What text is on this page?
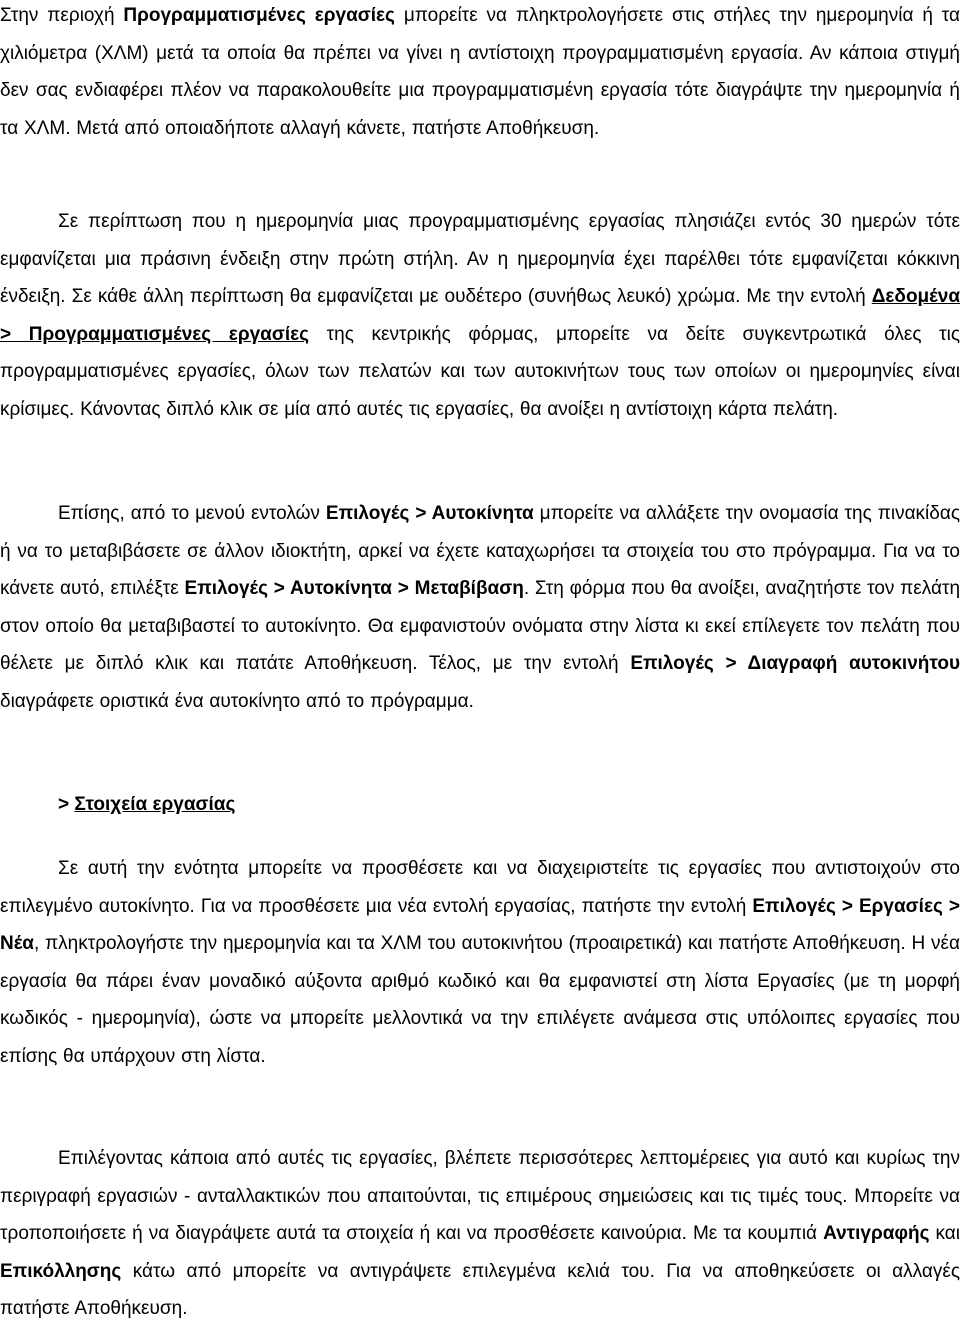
Στην περιοχή Προγραμματισμένες εργασίες μπορείτε να πληκτρολογήσετε στις στήλες την ημερομηνία ή τα χιλιόμετρα (ΧΛΜ) μετά τα οποία θα πρέπει να γίνει η αντίστοιχη προγραμματισμένη εργασία. Αν κάποια στιγμή δεν σας ενδιαφέρει πλέον να παρακολουθείτε μια προγραμματισμένη εργασία τότε διαγράψτε την ημερομηνία ή τα ΧΛΜ. Μετά από οποιαδήποτε αλλαγή κάνετε, πατήστε Αποθήκευση.

Σε περίπτωση που η ημερομηνία μιας προγραμματισμένης εργασίας πλησιάζει εντός 30 ημερών τότε εμφανίζεται μια πράσινη ένδειξη στην πρώτη στήλη. Αν η ημερομηνία έχει παρέλθει τότε εμφανίζεται κόκκινη ένδειξη. Σε κάθε άλλη περίπτωση θα εμφανίζεται με ουδέτερο (συνήθως λευκό) χρώμα. Με την εντολή Δεδομένα > Προγραμματισμένες εργασίες της κεντρικής φόρμας, μπορείτε να δείτε συγκεντρωτικά όλες τις προγραμματισμένες εργασίες, όλων των πελατών και των αυτοκινήτων τους των οποίων οι ημερομηνίες είναι κρίσιμες. Κάνοντας διπλό κλικ σε μία από αυτές τις εργασίες, θα ανοίξει η αντίστοιχη κάρτα πελάτη.

Επίσης, από το μενού εντολών Επιλογές > Αυτοκίνητα μπορείτε να αλλάξετε την ονομασία της πινακίδας ή να το μεταβιβάσετε σε άλλον ιδιοκτήτη, αρκεί να έχετε καταχωρήσει τα στοιχεία του στο πρόγραμμα. Για να το κάνετε αυτό, επιλέξτε Επιλογές > Αυτοκίνητα > Μεταβίβαση. Στη φόρμα που θα ανοίξει, αναζητήστε τον πελάτη στον οποίο θα μεταβιβαστεί το αυτοκίνητο. Θα εμφανιστούν ονόματα στην λίστα κι εκεί επίλεγετε τον πελάτη που θέλετε με διπλό κλικ και πατάτε Αποθήκευση. Τέλος, με την εντολή Επιλογές > Διαγραφή αυτοκινήτου διαγράφετε οριστικά ένα αυτοκίνητο από το πρόγραμμα.

> Στοιχεία εργασίας

Σε αυτή την ενότητα μπορείτε να προσθέσετε και να διαχειριστείτε τις εργασίες που αντιστοιχούν στο επιλεγμένο αυτοκίνητο. Για να προσθέσετε μια νέα εντολή εργασίας, πατήστε την εντολή Επιλογές > Εργασίες > Νέα, πληκτρολογήστε την ημερομηνία και τα ΧΛΜ του αυτοκινήτου (προαιρετικά) και πατήστε Αποθήκευση. Η νέα εργασία θα πάρει έναν μοναδικό αύξοντα αριθμό κωδικό και θα εμφανιστεί στη λίστα Εργασίες (με τη μορφή κωδικός - ημερομηνία), ώστε να μπορείτε μελλοντικά να την επιλέγετε ανάμεσα στις υπόλοιπες εργασίες που επίσης θα υπάρχουν στη λίστα.

Επιλέγοντας κάποια από αυτές τις εργασίες, βλέπετε περισσότερες λεπτομέρειες για αυτό και κυρίως την περιγραφή εργασιών - ανταλλακτικών που απαιτούνται, τις επιμέρους σημειώσεις και τις τιμές τους. Μπορείτε να τροποποιήσετε ή να διαγράψετε αυτά τα στοιχεία ή και να προσθέσετε καινούρια. Με τα κουμπιά Αντιγραφής και Επικόλλησης κάτω από μπορείτε να αντιγράψετε επιλεγμένα κελιά του. Για να αποθηκεύσετε οι αλλαγές πατήστε Αποθήκευση.
